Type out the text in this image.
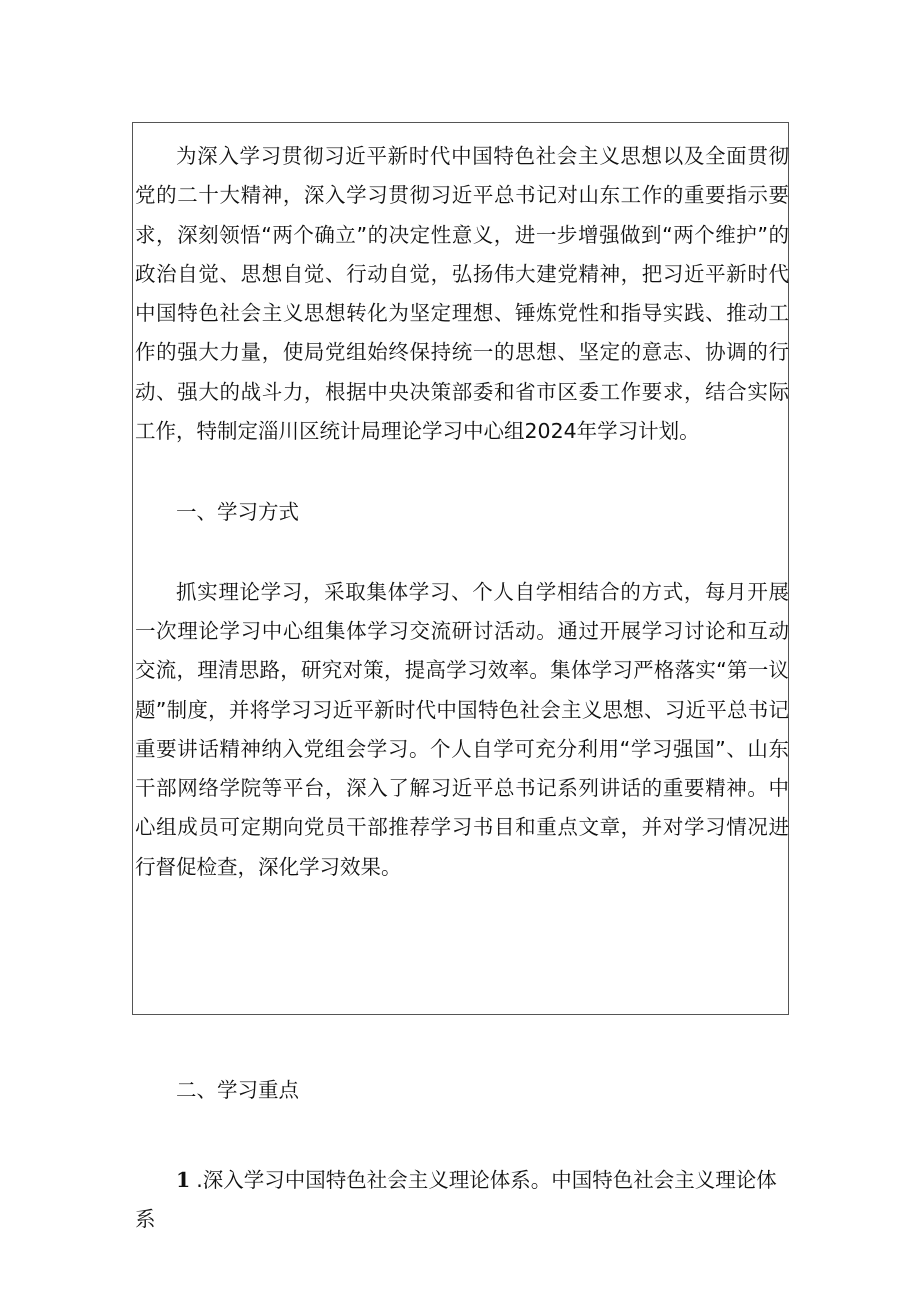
为深入学习贯彻习近平新时代中国特色社会主义思想以及全面贯彻党的二十大精神，深入学习贯彻习近平总书记对山东工作的重要指示要求，深刻领悟“两个确立”的决定性意义，进一步增强做到“两个维护”的政治自觉、思想自觉、行动自觉，弘扬伟大建党精神，把习近平新时代中国特色社会主义思想转化为坚定理想、锤炼党性和指导实践、推动工作的强大力量，使局党组始终保持统一的思想、坚定的意志、协调的行动、强大的战斗力，根据中央决策部委和省市区委工作要求，结合实际工作，特制定淄川区统计局理论学习中心组2024年学习计划。

一、学习方式

抓实理论学习，采取集体学习、个人自学相结合的方式，每月开展一次理论学习中心组集体学习交流研讨活动。通过开展学习讨论和互动交流，理清思路，研究对策，提高学习效率。集体学习严格落实“第一议题”制度，并将学习习近平新时代中国特色社会主义思想、习近平总书记重要讲话精神纳入党组会学习。个人自学可充分利用“学习强国”、山东干部网络学院等平台，深入了解习近平总书记系列讲话的重要精神。中心组成员可定期向党员干部推荐学习书目和重点文章，并对学习情况进行督促检查，深化学习效果。

二、学习重点

1 .深入学习中国特色社会主义理论体系。中国特色社会主义理论体系
